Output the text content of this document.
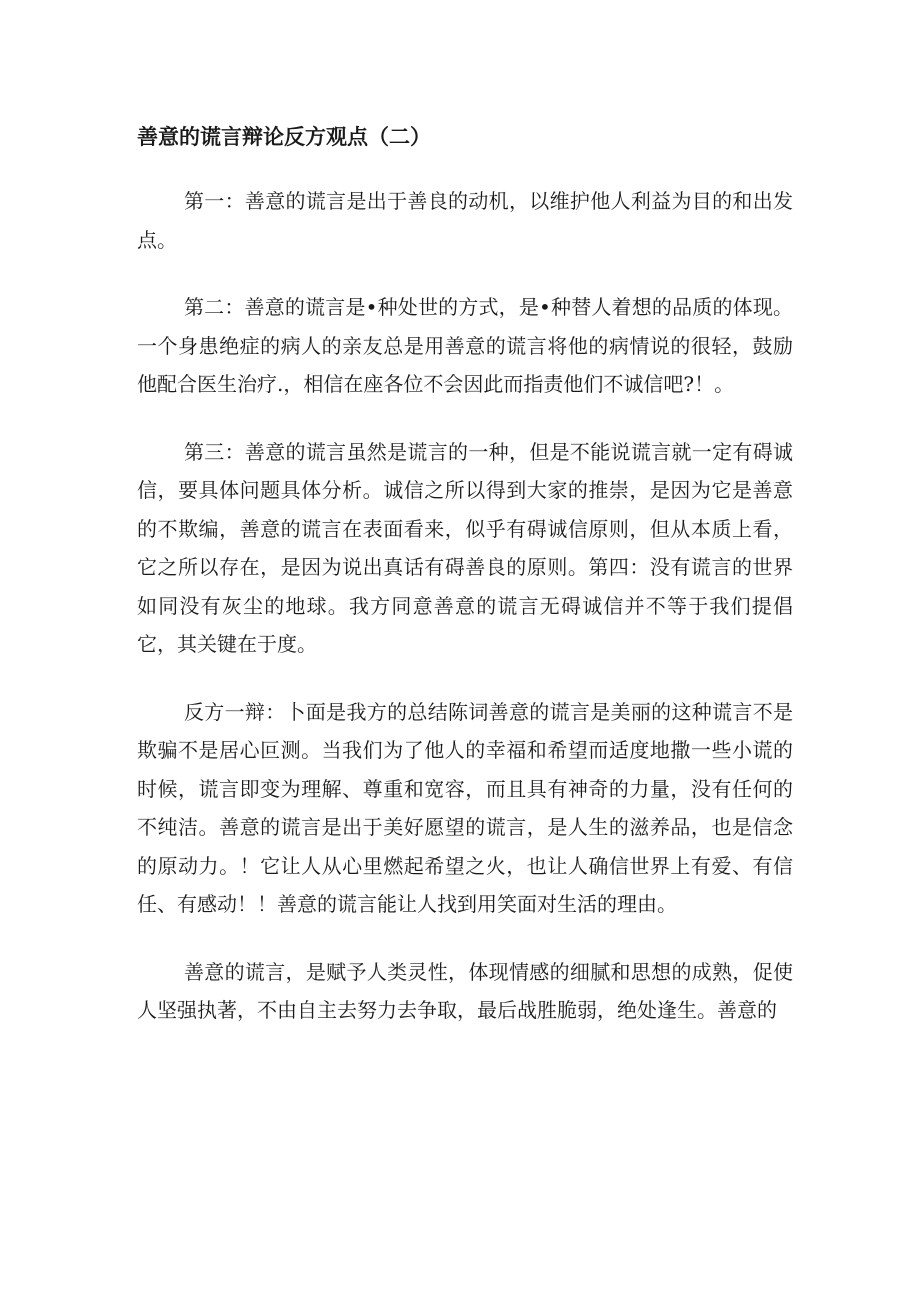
善意的谎言辩论反方观点（二）

第一：善意的谎言是出于善良的动机，以维护他人利益为目的和出发点。

第二：善意的谎言是•种处世的方式，是•种替人着想的品质的体现。一个身患绝症的病人的亲友总是用善意的谎言将他的病情说的很轻，鼓励他配合医生治疗.，相信在座各位不会因此而指责他们不诚信吧?！。

第三：善意的谎言虽然是谎言的一种，但是不能说谎言就一定有碍诚信，要具体问题具体分析。诚信之所以得到大家的推崇，是因为它是善意的不欺编，善意的谎言在表面看来，似乎有碍诚信原则，但从本质上看，它之所以存在，是因为说出真话有碍善良的原则。第四：没有谎言的世界如同没有灰尘的地球。我方同意善意的谎言无碍诚信并不等于我们提倡它，其关键在于度。

反方一辩：卜面是我方的总结陈词善意的谎言是美丽的这种谎言不是欺骗不是居心叵测。当我们为了他人的幸福和希望而适度地撒一些小谎的时候，谎言即变为理解、尊重和宽容，而且具有神奇的力量，没有任何的不纯洁。善意的谎言是出于美好愿望的谎言，是人生的滋养品，也是信念的原动力。！它让人从心里燃起希望之火，也让人确信世界上有爱、有信任、有感动！！善意的谎言能让人找到用笑面对生活的理由。

善意的谎言，是赋予人类灵性，体现情感的细腻和思想的成熟，促使人坚强执著，不由自主去努力去争取，最后战胜脆弱，绝处逢生。善意的
